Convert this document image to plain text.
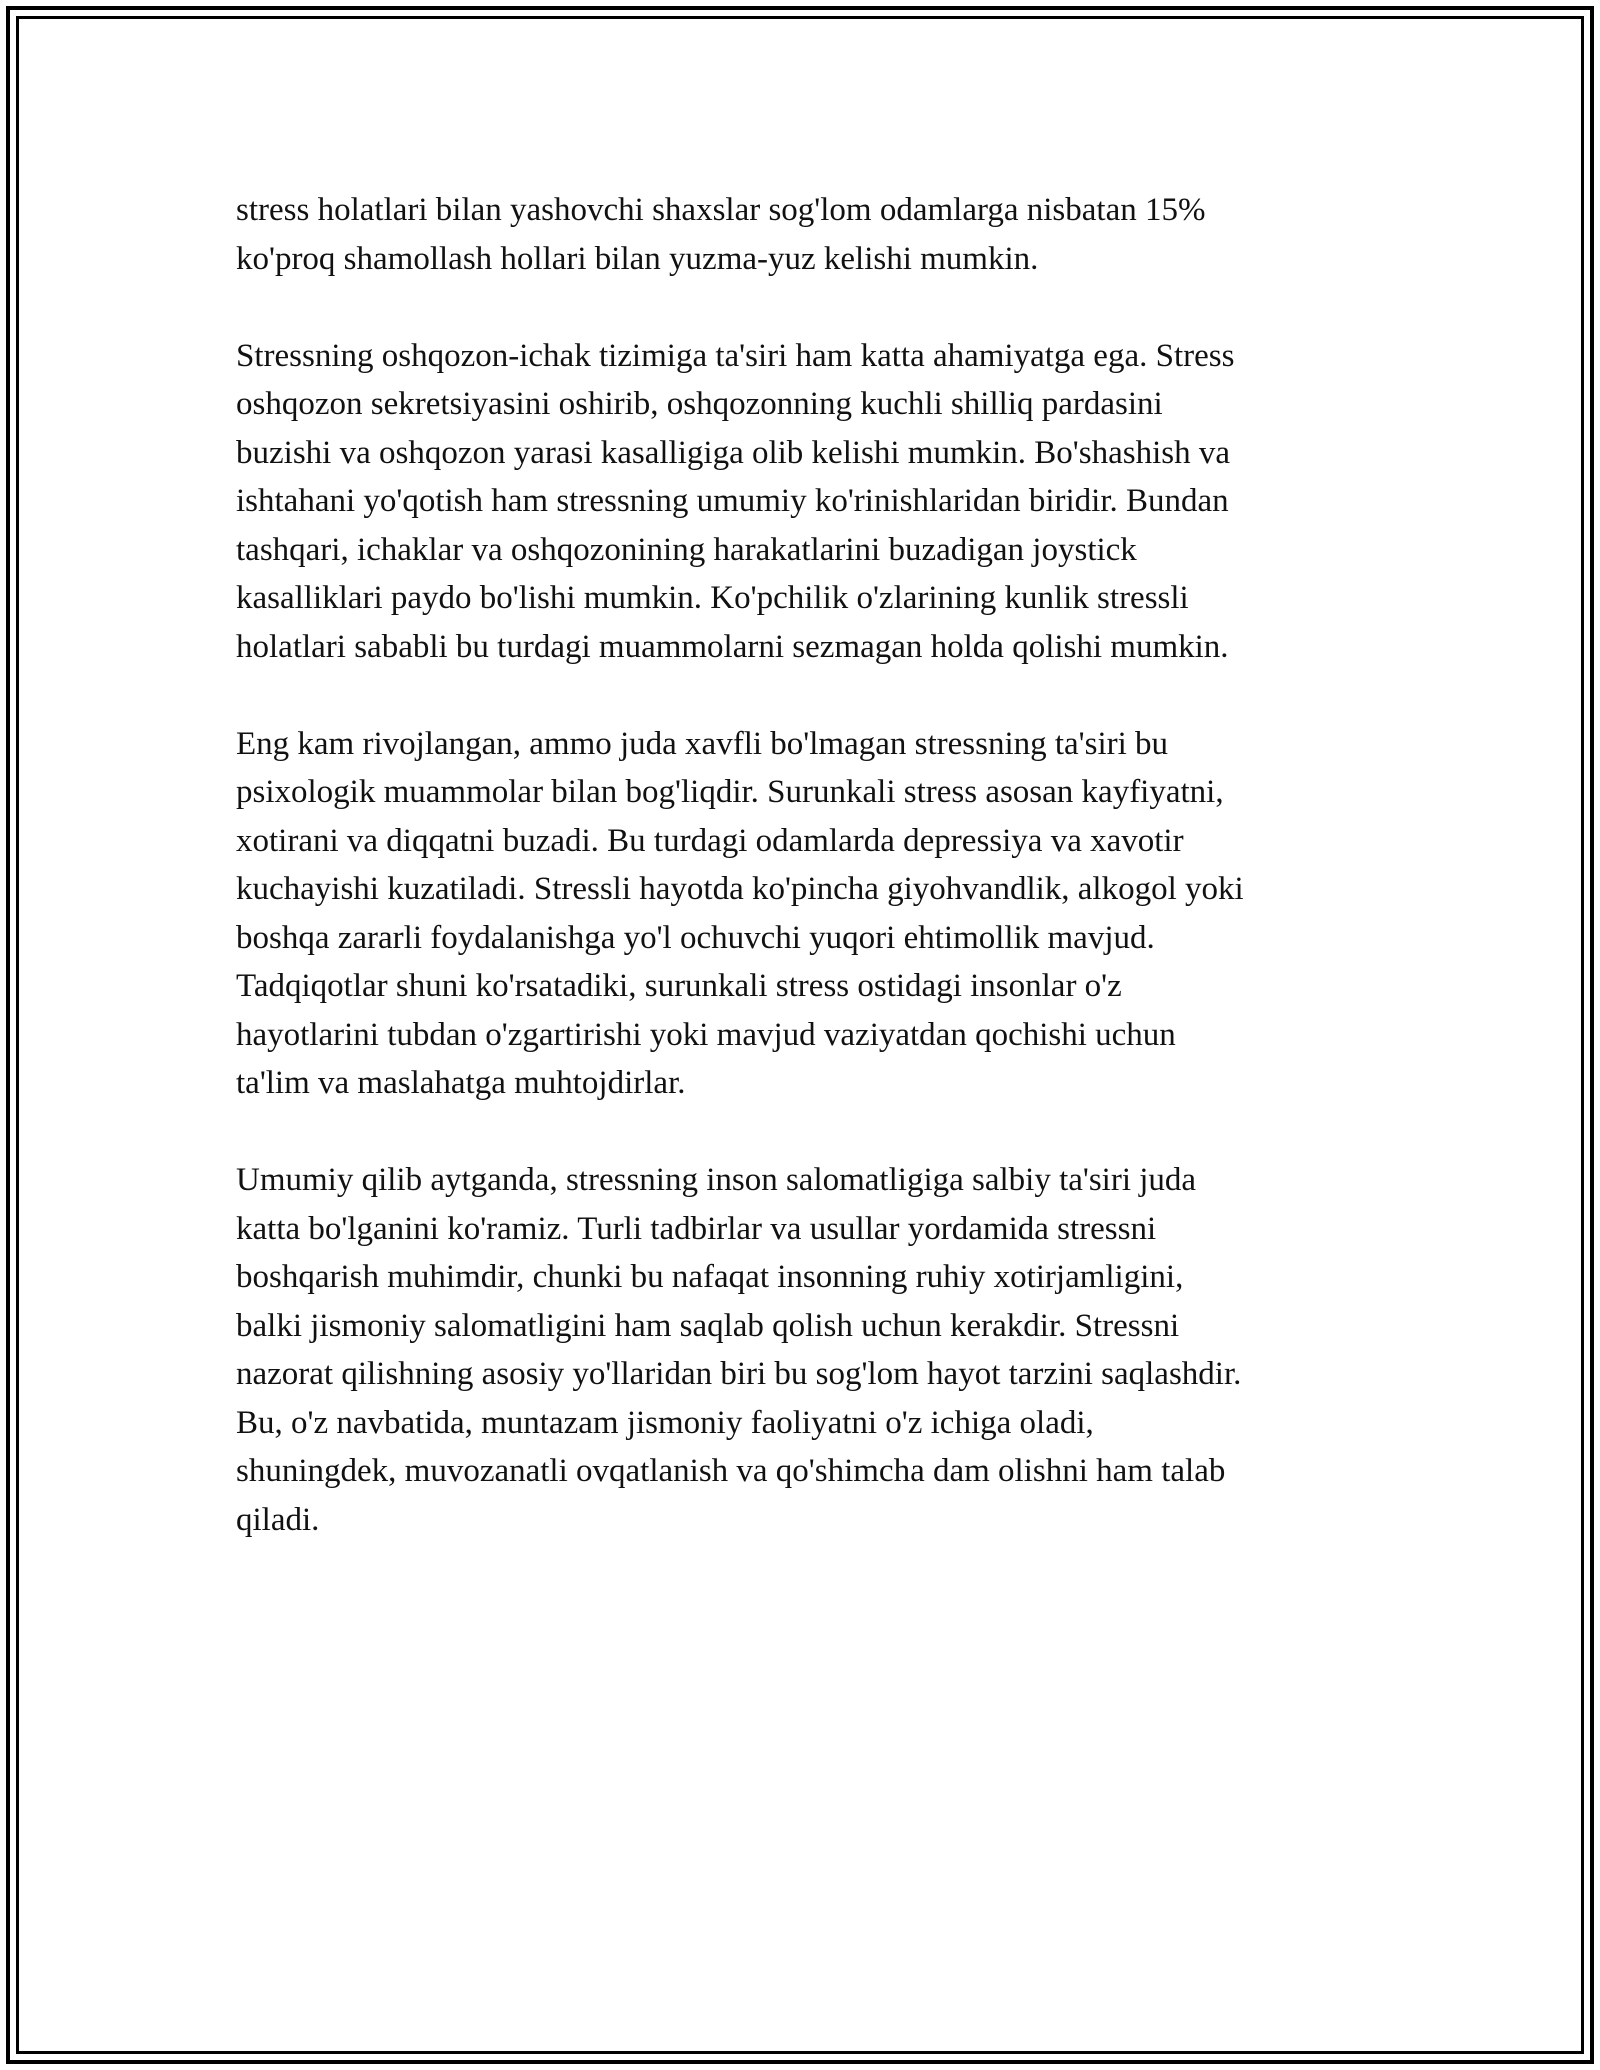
stress holatlari bilan yashovchi shaxslar sog'lom odamlarga nisbatan 15%
ko'proq shamollash hollari bilan yuzma-yuz kelishi mumkin.

Stressning oshqozon-ichak tizimiga ta'siri ham katta ahamiyatga ega. Stress
oshqozon sekretsiyasini oshirib, oshqozonning kuchli shilliq pardasini
buzishi va oshqozon yarasi kasalligiga olib kelishi mumkin. Bo'shashish va
ishtahani yo'qotish ham stressning umumiy ko'rinishlaridan biridir. Bundan
tashqari, ichaklar va oshqozonining harakatlarini buzadigan joystick
kasalliklari paydo bo'lishi mumkin. Ko'pchilik o'zlarining kunlik stressli
holatlari sababli bu turdagi muammolarni sezmagan holda qolishi mumkin.

Eng kam rivojlangan, ammo juda xavfli bo'lmagan stressning ta'siri bu
psixologik muammolar bilan bog'liqdir. Surunkali stress asosan kayfiyatni,
xotirani va diqqatni buzadi. Bu turdagi odamlarda depressiya va xavotir
kuchayishi kuzatiladi. Stressli hayotda ko'pincha giyohvandlik, alkogol yoki
boshqa zararli foydalanishga yo'l ochuvchi yuqori ehtimollik mavjud.
Tadqiqotlar shuni ko'rsatadiki, surunkali stress ostidagi insonlar o'z
hayotlarini tubdan o'zgartirishi yoki mavjud vaziyatdan qochishi uchun
ta'lim va maslahatga muhtojdirlar.

Umumiy qilib aytganda, stressning inson salomatligiga salbiy ta'siri juda
katta bo'lganini ko'ramiz. Turli tadbirlar va usullar yordamida stressni
boshqarish muhimdir, chunki bu nafaqat insonning ruhiy xotirjamligini,
balki jismoniy salomatligini ham saqlab qolish uchun kerakdir. Stressni
nazorat qilishning asosiy yo'llaridan biri bu sog'lom hayot tarzini saqlashdir.
Bu, o'z navbatida, muntazam jismoniy faoliyatni o'z ichiga oladi,
shuningdek, muvozanatli ovqatlanish va qo'shimcha dam olishni ham talab
qiladi.
